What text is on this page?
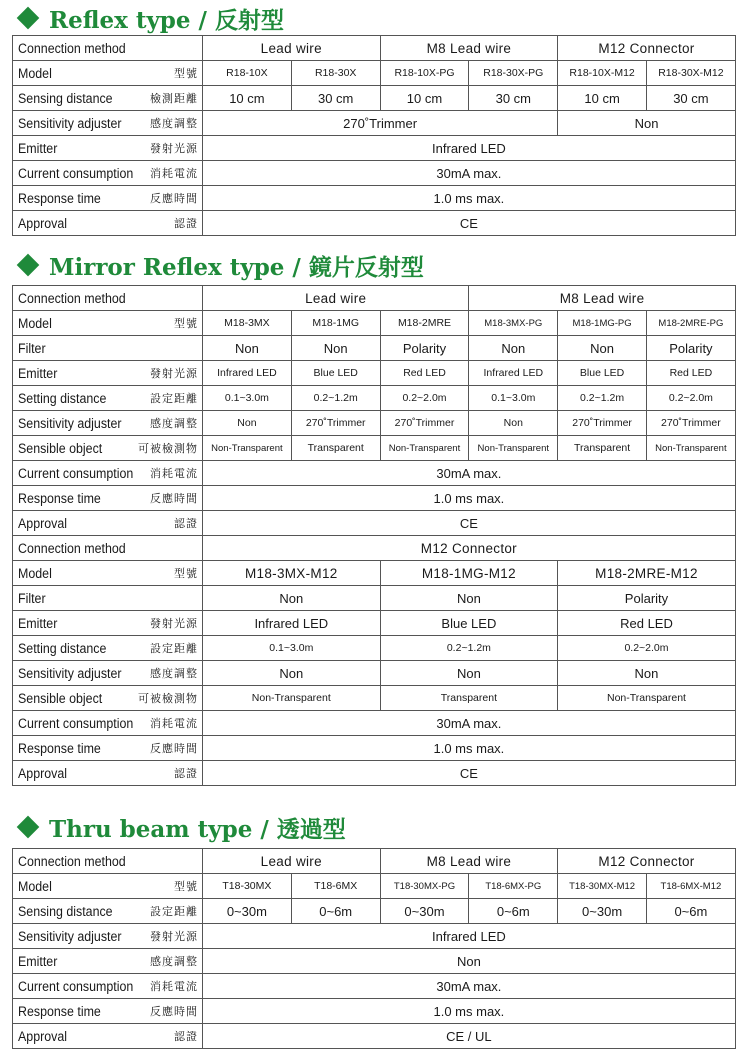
Reflex type / 反射型
Connection method	Lead wire		M8 Lead wire		M12 Connector	

Model 型號	R18-10X	R18-30X	R18-10X-PG	R18-30X-PG	R18-10X-M12	R18-30X-M12

Sensing distance 檢測距離	10 cm	30 cm	10 cm	30 cm	10 cm	30 cm

Sensitivity adjuster 感度調整	270˚Trimmer				Non	

Emitter 發射光源	Infrared LED					

Current consumption 消耗電流	30mA max.					

Response time 反應時間	1.0 ms max.					

Approval 認證	CE					
Mirror Reflex type / 鏡片反射型
Connection method	Lead wire			M8 Lead wire		

Model 型號	M18-3MX	M18-1MG	M18-2MRE	M18-3MX-PG	M18-1MG-PG	M18-2MRE-PG

Filter	Non	Non	Polarity	Non	Non	Polarity

Emitter 發射光源	Infrared LED	Blue LED	Red LED	Infrared LED	Blue LED	Red LED

Setting distance 設定距離	0.1~3.0m	0.2~1.2m	0.2~2.0m	0.1~3.0m	0.2~1.2m	0.2~2.0m

Sensitivity adjuster 感度調整	Non	270˚Trimmer	270˚Trimmer	Non	270˚Trimmer	270˚Trimmer

Sensible object 可被檢測物	Non-Transparent	Transparent	Non-Transparent	Non-Transparent	Transparent	Non-Transparent

Current consumption 消耗電流	30mA max.					

Response time 反應時間	1.0 ms max.					

Approval 認證	CE					

Connection method	M12 Connector					

Model 型號	M18-3MX-M12		M18-1MG-M12		M18-2MRE-M12	

Filter	Non		Non		Polarity	

Emitter 發射光源	Infrared LED		Blue LED		Red LED	

Setting distance 設定距離	0.1~3.0m		0.2~1.2m		0.2~2.0m	

Sensitivity adjuster 感度調整	Non		Non		Non	

Sensible object 可被檢測物	Non-Transparent		Transparent		Non-Transparent	

Current consumption 消耗電流	30mA max.					

Response time 反應時間	1.0 ms max.					

Approval 認證	CE					
Thru beam type / 透過型
Connection method	Lead wire		M8 Lead wire		M12 Connector	

Model 型號	T18-30MX	T18-6MX	T18-30MX-PG	T18-6MX-PG	T18-30MX-M12	T18-6MX-M12

Sensing distance 設定距離	0~30m	0~6m	0~30m	0~6m	0~30m	0~6m

Sensitivity adjuster 發射光源	Infrared LED					

Emitter 感度調整	Non					

Current consumption 消耗電流	30mA max.					

Response time 反應時間	1.0 ms max.					

Approval 認證	CE / UL					
